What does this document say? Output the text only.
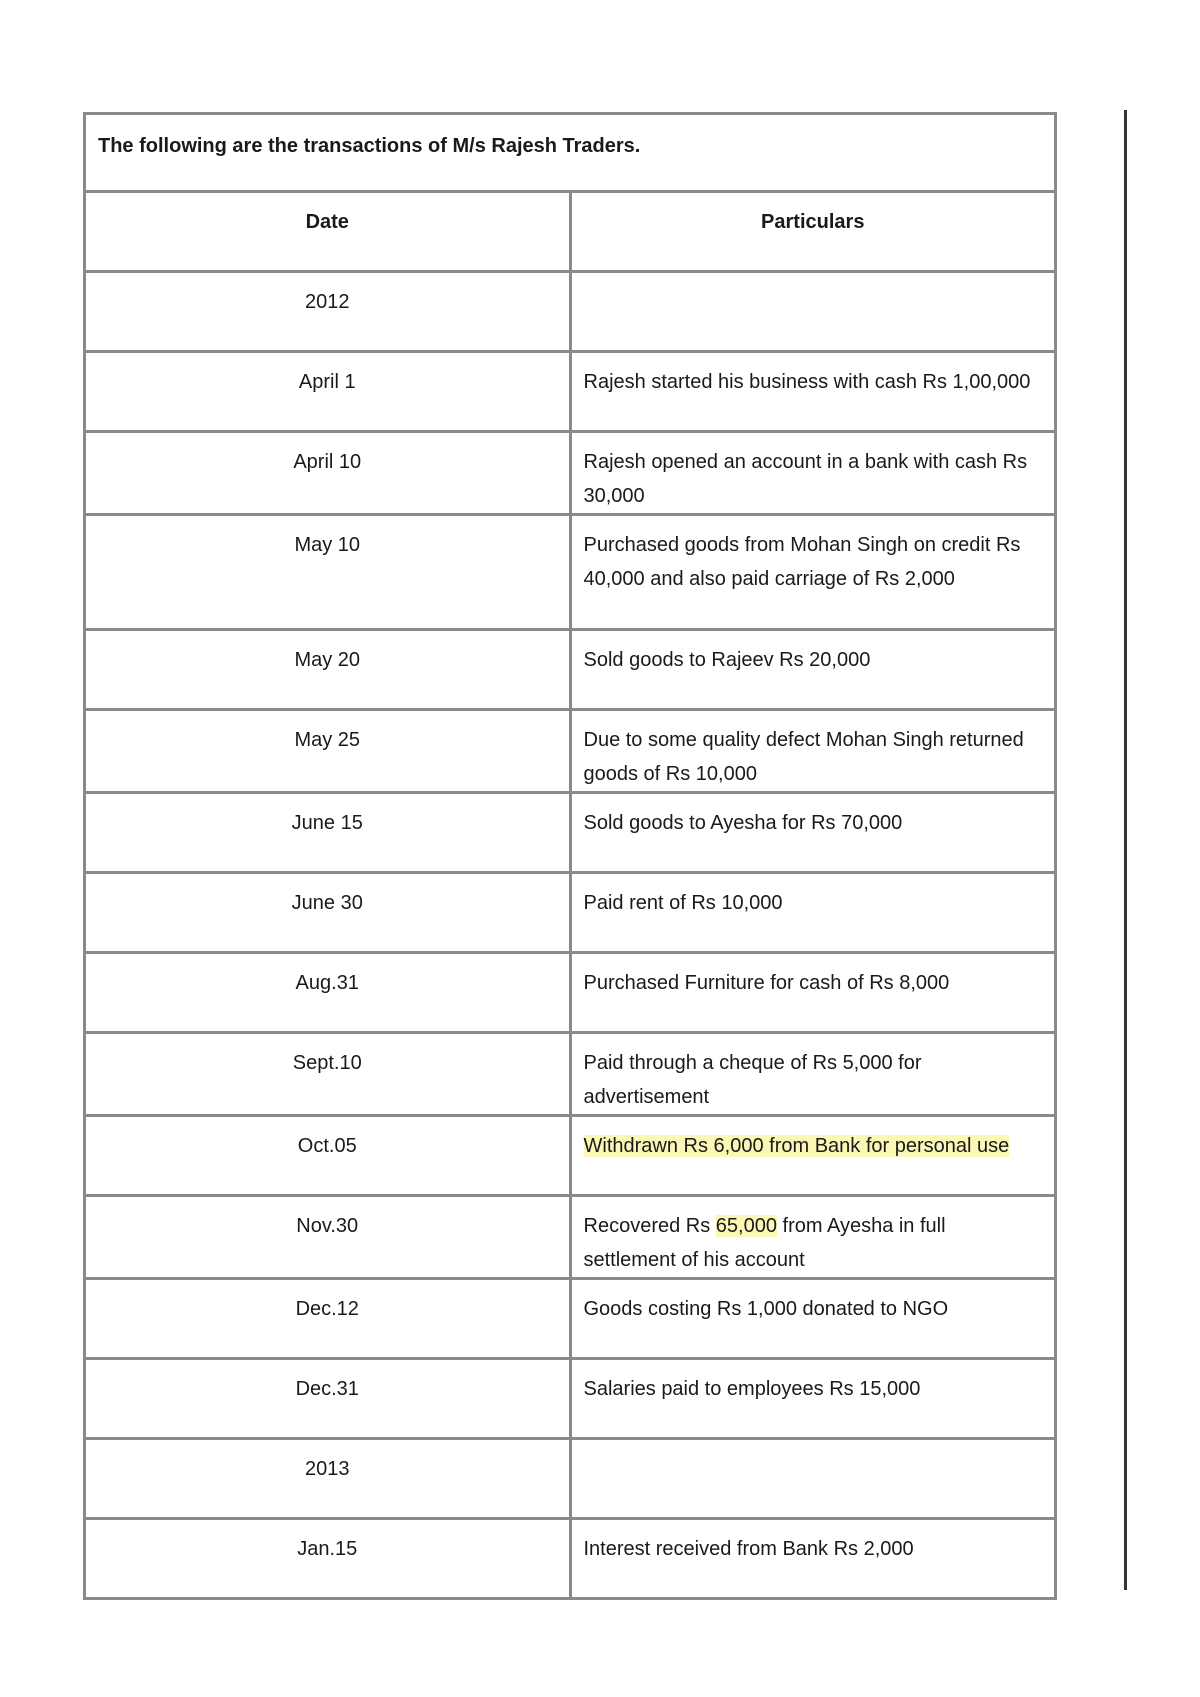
The following are the transactions of M/s Rajesh Traders.	
Date	Particulars
2012	
April 1	Rajesh started his business with cash Rs 1,00,000
April 10	Rajesh opened an account in a bank with cash Rs 30,000
May 10	Purchased goods from Mohan Singh on credit Rs 40,000 and also paid carriage of Rs 2,000
May 20	Sold goods to Rajeev Rs 20,000
May 25	Due to some quality defect Mohan Singh returned goods of Rs 10,000
June 15	Sold goods to Ayesha for Rs 70,000
June 30	Paid rent of Rs 10,000
Aug.31	Purchased Furniture for cash of Rs 8,000
Sept.10	Paid through a cheque of Rs 5,000 for advertisement
Oct.05	Withdrawn Rs 6,000 from Bank for personal use
Nov.30	Recovered Rs 65,000 from Ayesha in full settlement of his account
Dec.12	Goods costing Rs 1,000 donated to NGO
Dec.31	Salaries paid to employees Rs 15,000
2013	
Jan.15	Interest received from Bank Rs 2,000
